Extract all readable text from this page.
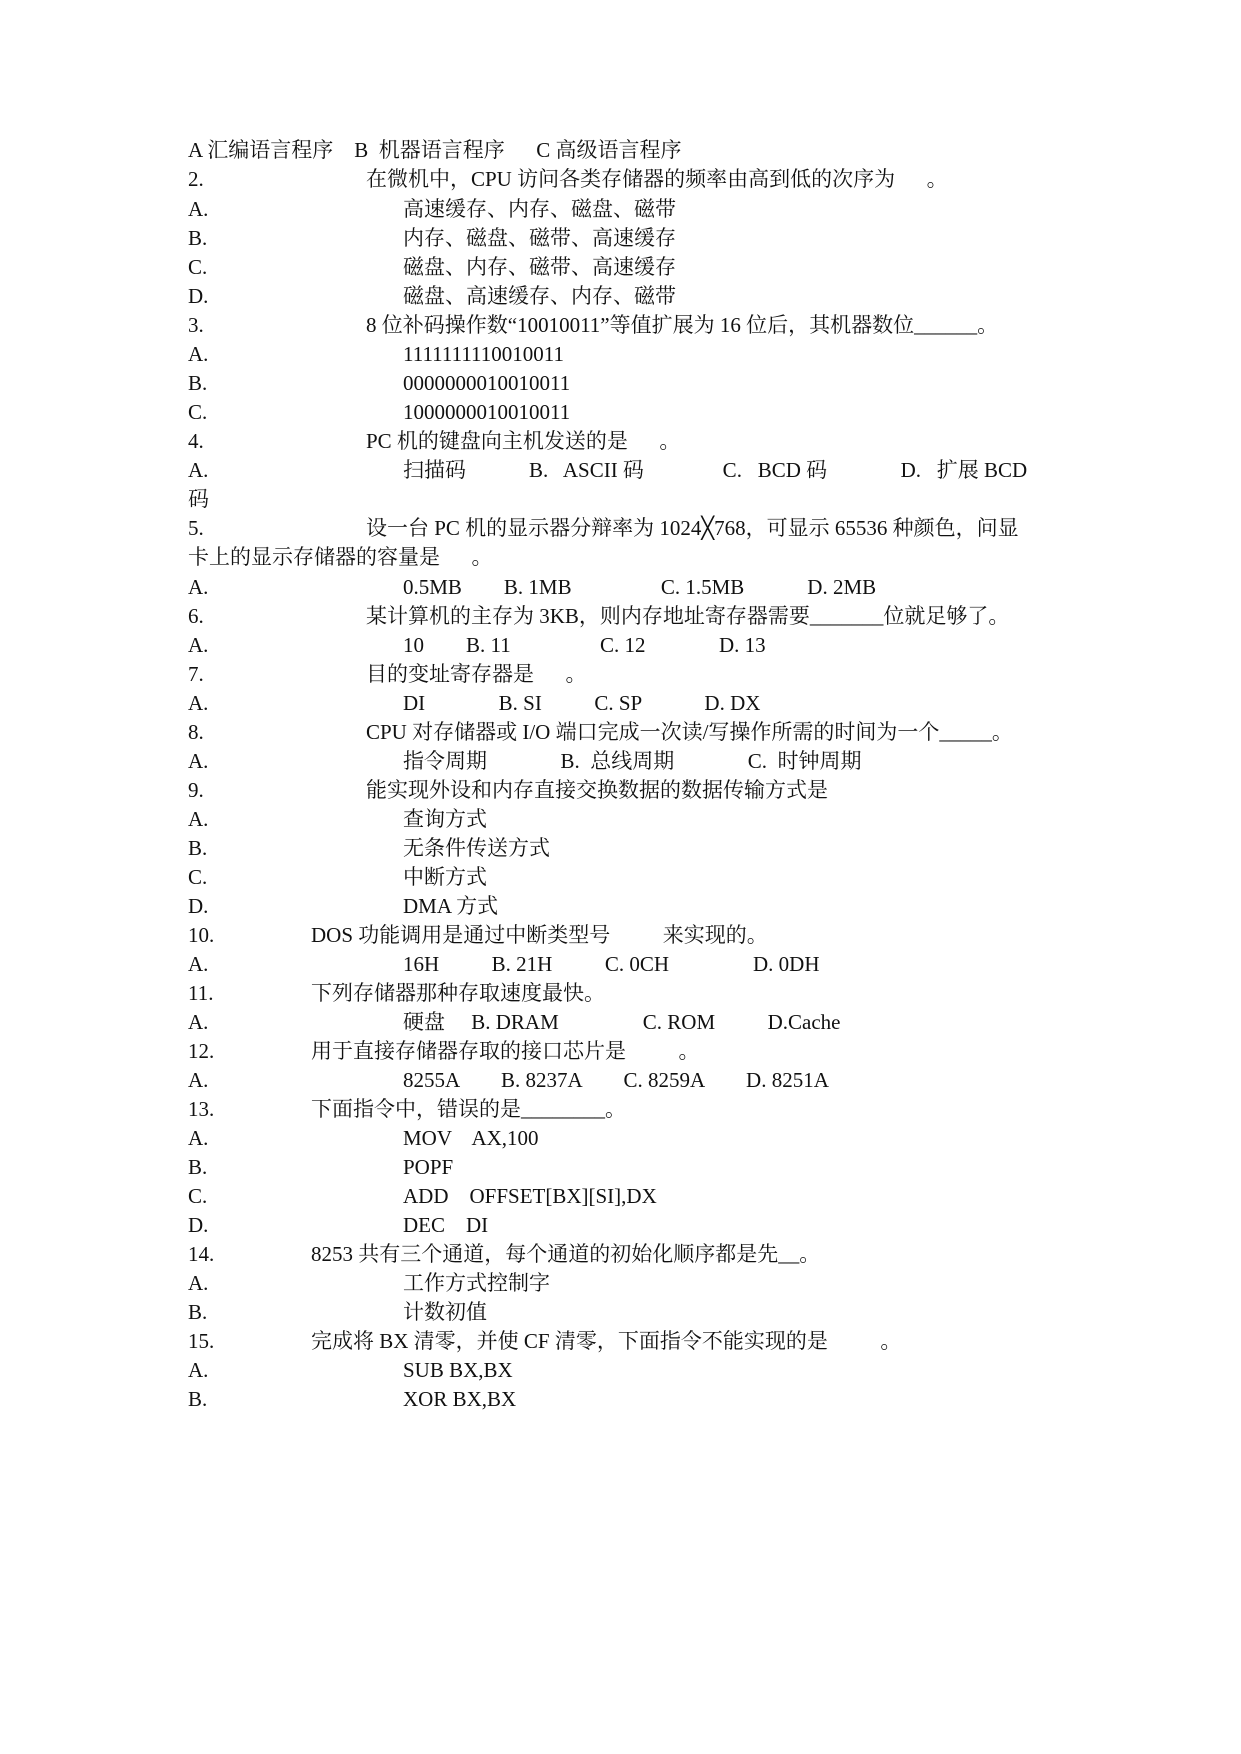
A 汇编语言程序    B  机器语言程序      C 高级语言程序
2.	在微机中，CPU 访问各类存储器的频率由高到低的次序为      。
A.	高速缓存、内存、磁盘、磁带
B.	内存、磁盘、磁带、高速缓存
C.	磁盘、内存、磁带、高速缓存
D.	磁盘、高速缓存、内存、磁带
3.	8 位补码操作数“10010011”等值扩展为 16 位后，其机器数位______。
A.	1111111110010011
B.	0000000010010011
C.	1000000010010011
4.	PC 机的键盘向主机发送的是      。
A.	扫描码            B.   ASCII 码               C.   BCD 码              D.   扩展 BCD
码
5.	设一台 PC 机的显示器分辩率为 1024╳768，可显示 65536 种颜色，问显
卡上的显示存储器的容量是      。
A.	0.5MB        B. 1MB                 C. 1.5MB            D. 2MB
6.	某计算机的主存为 3KB，则内存地址寄存器需要_______位就足够了。
A.	10        B. 11                 C. 12              D. 13
7.	目的变址寄存器是      。
A.	DI              B. SI          C. SP            D. DX
8.	CPU 对存储器或 I/O 端口完成一次读/写操作所需的时间为一个_____。
A.	指令周期              B.  总线周期              C.  时钟周期
9.	能实现外设和内存直接交换数据的数据传输方式是
A.	查询方式
B.	无条件传送方式
C.	中断方式
D.	DMA 方式
10.	DOS 功能调用是通过中断类型号          来实现的。
A.	16H          B. 21H          C. 0CH                D. 0DH
11.	下列存储器那种存取速度最快。
A.	硬盘     B. DRAM                C. ROM          D.Cache
12.	用于直接存储器存取的接口芯片是          。
A.	8255A        B. 8237A        C. 8259A        D. 8251A
13.	下面指令中，错误的是________。
A.	MOV    AX,100
B.	POPF
C.	ADD    OFFSET[BX][SI],DX
D.	DEC    DI
14.	8253 共有三个通道，每个通道的初始化顺序都是先__。
A.	工作方式控制字
B.	计数初值
15.	完成将 BX 清零，并使 CF 清零，下面指令不能实现的是          。
A.	SUB BX,BX
B.	XOR BX,BX
